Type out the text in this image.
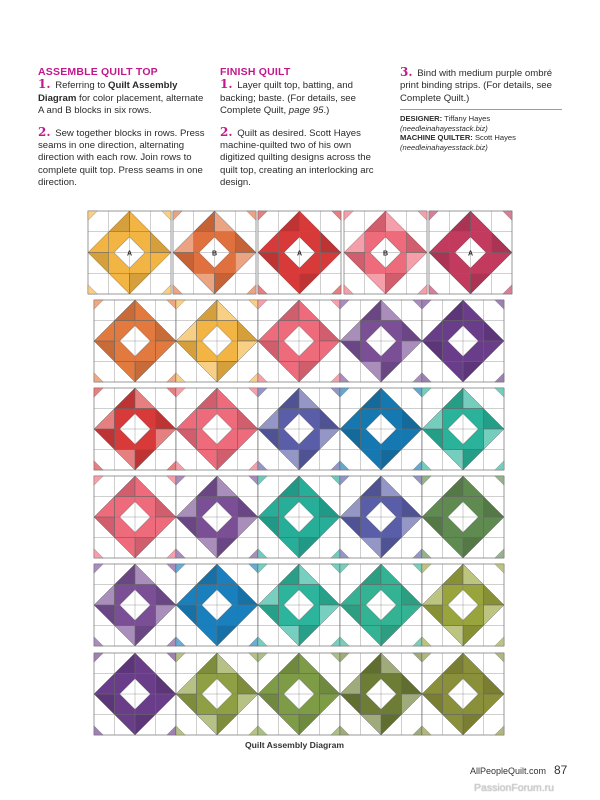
ASSEMBLE QUILT TOP

1. Referring to Quilt Assembly Diagram for color placement, alternate A and B blocks in six rows.

2. Sew together blocks in rows. Press seams in one direction, alternating direction with each row. Join rows to complete quilt top. Press seams in one direction.

FINISH QUILT

1. Layer quilt top, batting, and backing; baste. (For details, see Complete Quilt, page 95.)

2. Quilt as desired. Scott Hayes machine-quilted two of his own digitized quilting designs across the quilt top, creating an interlocking arc design.

3. Bind with medium purple ombré print binding strips. (For details, see Complete Quilt.)

DESIGNER: Tiffany Hayes
(needleinahayesstack.biz)
MACHINE QUILTER: Scott Hayes
(needleinahayesstack.biz)
A	B	A	B	A
Quilt Assembly Diagram
AllPeopleQuilt.com 87
PassionForum.ru
